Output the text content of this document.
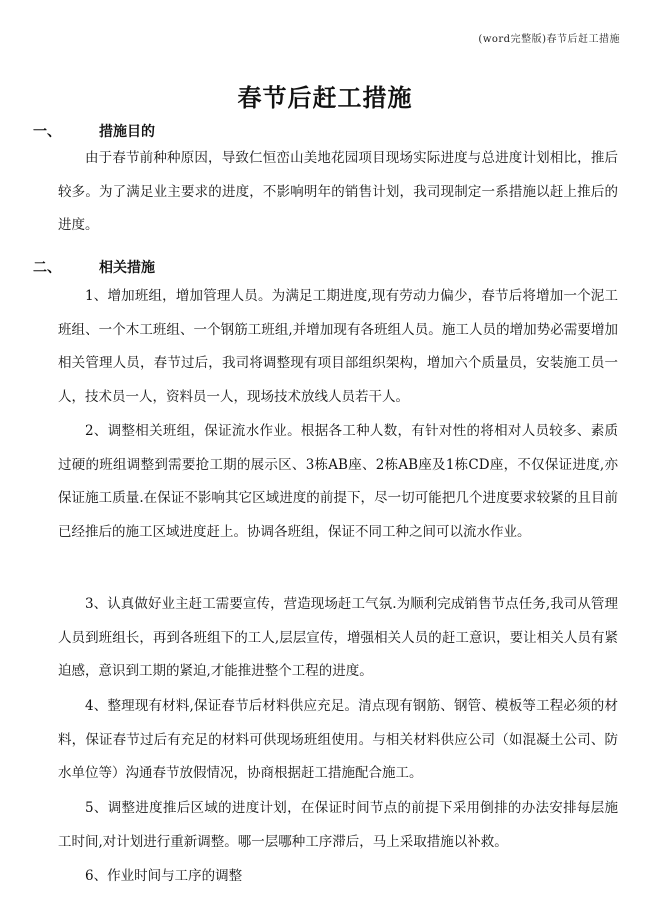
(word完整版)春节后赶工措施
春节后赶工措施
一、	措施目的

由于春节前种种原因，导致仁恒峦山美地花园项目现场实际进度与总进度计划相比，推后较多。为了满足业主要求的进度，不影响明年的销售计划，我司现制定一系措施以赶上推后的进度。

二、	相关措施

1、增加班组，增加管理人员。为满足工期进度,现有劳动力偏少，春节后将增加一个泥工班组、一个木工班组、一个钢筋工班组,并增加现有各班组人员。施工人员的增加势必需要增加相关管理人员，春节过后，我司将调整现有项目部组织架构，增加六个质量员，安装施工员一人，技术员一人，资料员一人，现场技术放线人员若干人。

2、调整相关班组，保证流水作业。根据各工种人数，有针对性的将相对人员较多、素质过硬的班组调整到需要抢工期的展示区、3栋AB座、2栋AB座及1栋CD座，不仅保证进度,亦保证施工质量.在保证不影响其它区域进度的前提下，尽一切可能把几个进度要求较紧的且目前已经推后的施工区域进度赶上。协调各班组，保证不同工种之间可以流水作业。

3、认真做好业主赶工需要宣传，营造现场赶工气氛.为顺利完成销售节点任务,我司从管理人员到班组长，再到各班组下的工人,层层宣传，增强相关人员的赶工意识，要让相关人员有紧迫感，意识到工期的紧迫,才能推进整个工程的进度。

4、整理现有材料,保证春节后材料供应充足。清点现有钢筋、钢管、模板等工程必须的材料，保证春节过后有充足的材料可供现场班组使用。与相关材料供应公司（如混凝土公司、防水单位等）沟通春节放假情况，协商根据赶工措施配合施工。

5、调整进度推后区域的进度计划，在保证时间节点的前提下采用倒排的办法安排每层施工时间,对计划进行重新调整。哪一层哪种工序滞后，马上采取措施以补救。

6、作业时间与工序的调整
